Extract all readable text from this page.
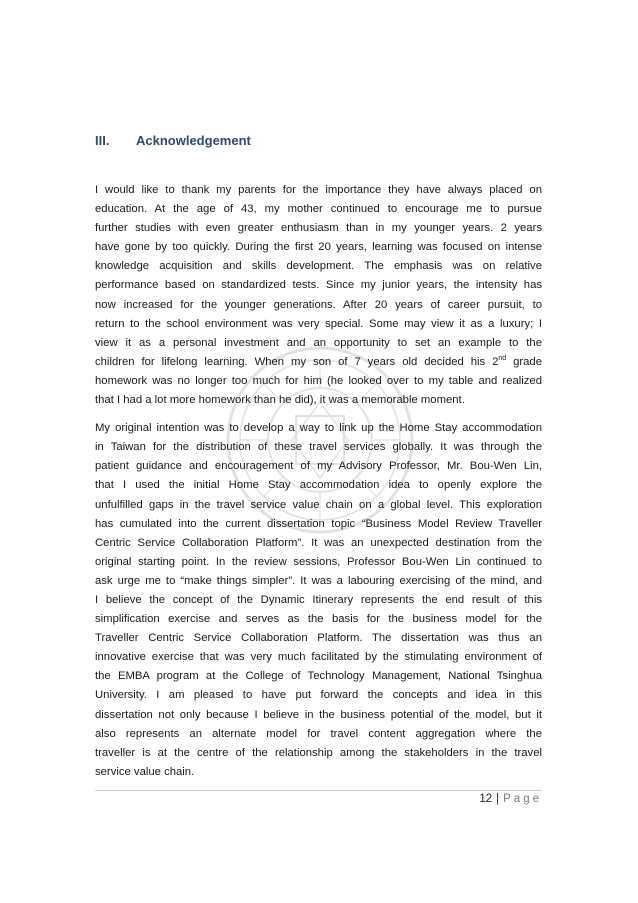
III.	Acknowledgement

I would like to thank my parents for the importance they have always placed on
education. At the age of 43, my mother continued to encourage me to pursue
further studies with even greater enthusiasm than in my younger years. 2 years
have gone by too quickly. During the first 20 years, learning was focused on intense
knowledge acquisition and skills development. The emphasis was on relative
performance based on standardized tests. Since my junior years, the intensity has
now increased for the younger generations. After 20 years of career pursuit, to
return to the school environment was very special. Some may view it as a luxury; I
view it as a personal investment and an opportunity to set an example to the
children for lifelong learning. When my son of 7 years old decided his 2nd grade
homework was no longer too much for him (he looked over to my table and realized
that I had a lot more homework than he did), it was a memorable moment.

My original intention was to develop a way to link up the Home Stay accommodation
in Taiwan for the distribution of these travel services globally. It was through the
patient guidance and encouragement of my Advisory Professor, Mr. Bou-Wen Lin,
that I used the initial Home Stay accommodation idea to openly explore the
unfulfilled gaps in the travel service value chain on a global level. This exploration
has cumulated into the current dissertation topic “Business Model Review Traveller
Centric Service Collaboration Platform”. It was an unexpected destination from the
original starting point. In the review sessions, Professor Bou-Wen Lin continued to
ask urge me to “make things simpler”. It was a labouring exercising of the mind, and
I believe the concept of the Dynamic Itinerary represents the end result of this
simplification exercise and serves as the basis for the business model for the
Traveller Centric Service Collaboration Platform. The dissertation was thus an
innovative exercise that was very much facilitated by the stimulating environment of
the EMBA program at the College of Technology Management, National Tsinghua
University. I am pleased to have put forward the concepts and idea in this
dissertation not only because I believe in the business potential of the model, but it
also represents an alternate model for travel content aggregation where the
traveller is at the centre of the relationship among the stakeholders in the travel
service value chain.

12 | Page
